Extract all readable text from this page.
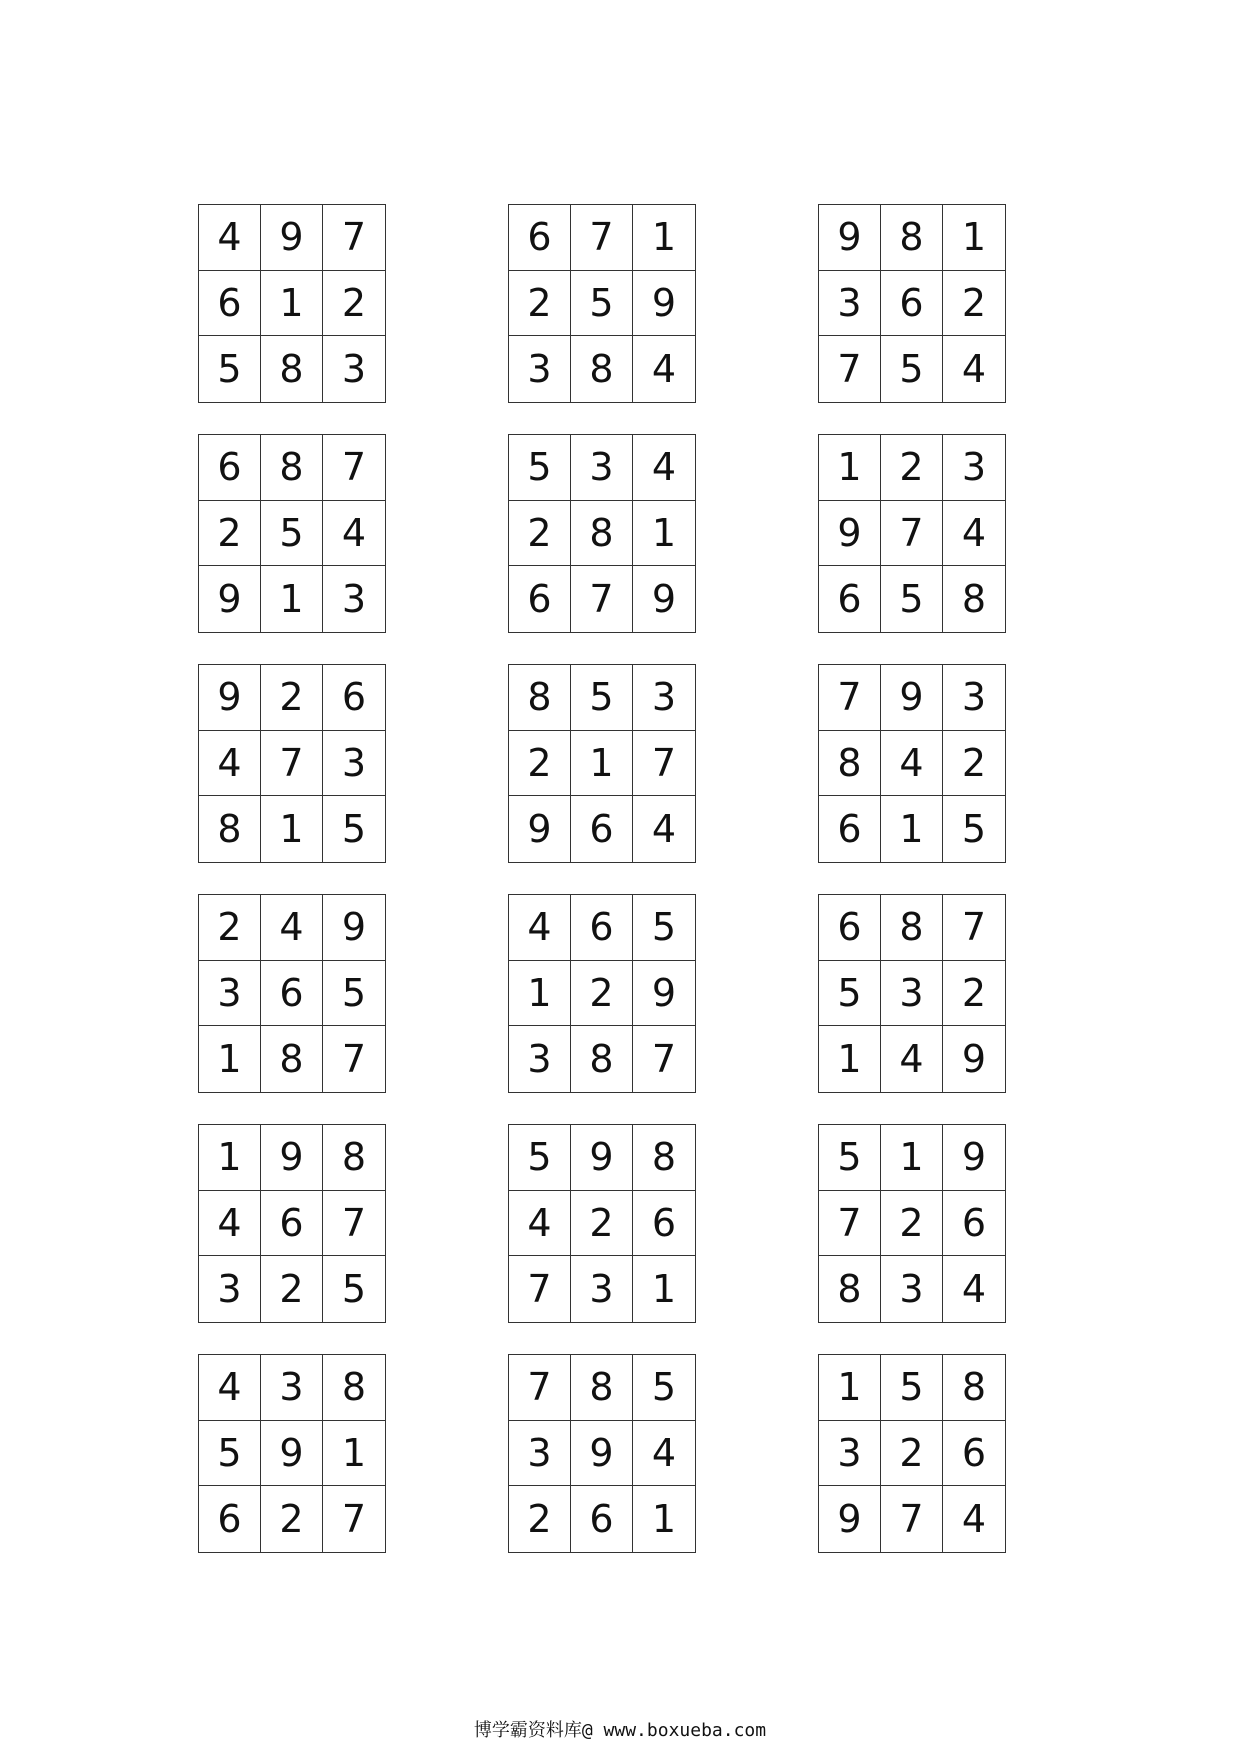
4 9	7
6 1	2
5 8	3
6 7	1
2 5	9
3 8	4
9 8	1
3 6	2
7 5	4
6 8	7
2 5	4
9 1	3
5 3	4
2 8	1
6 7	9
1 2	3
9 7	4
6 5	8
9 2	6
4 7	3
8 1	5
8 5	3
2 1	7
9 6	4
7 9	3
8 4	2
6 1	5
2 4	9
3 6	5
1 8	7
4 6	5
1 2	9
3 8	7
6 8	7
5 3	2
1 4	9
1 9	8
4 6	7
3 2	5
5 9	8
4 2	6
7 3	1
5 1	9
7 2	6
8 3	4
4 3	8
5 9	1
6 2	7
7 8	5
3 9	4
2 6	1
1 5	8
3 2	6
9 7	4
博学霸资料库@ www.boxueba.com
